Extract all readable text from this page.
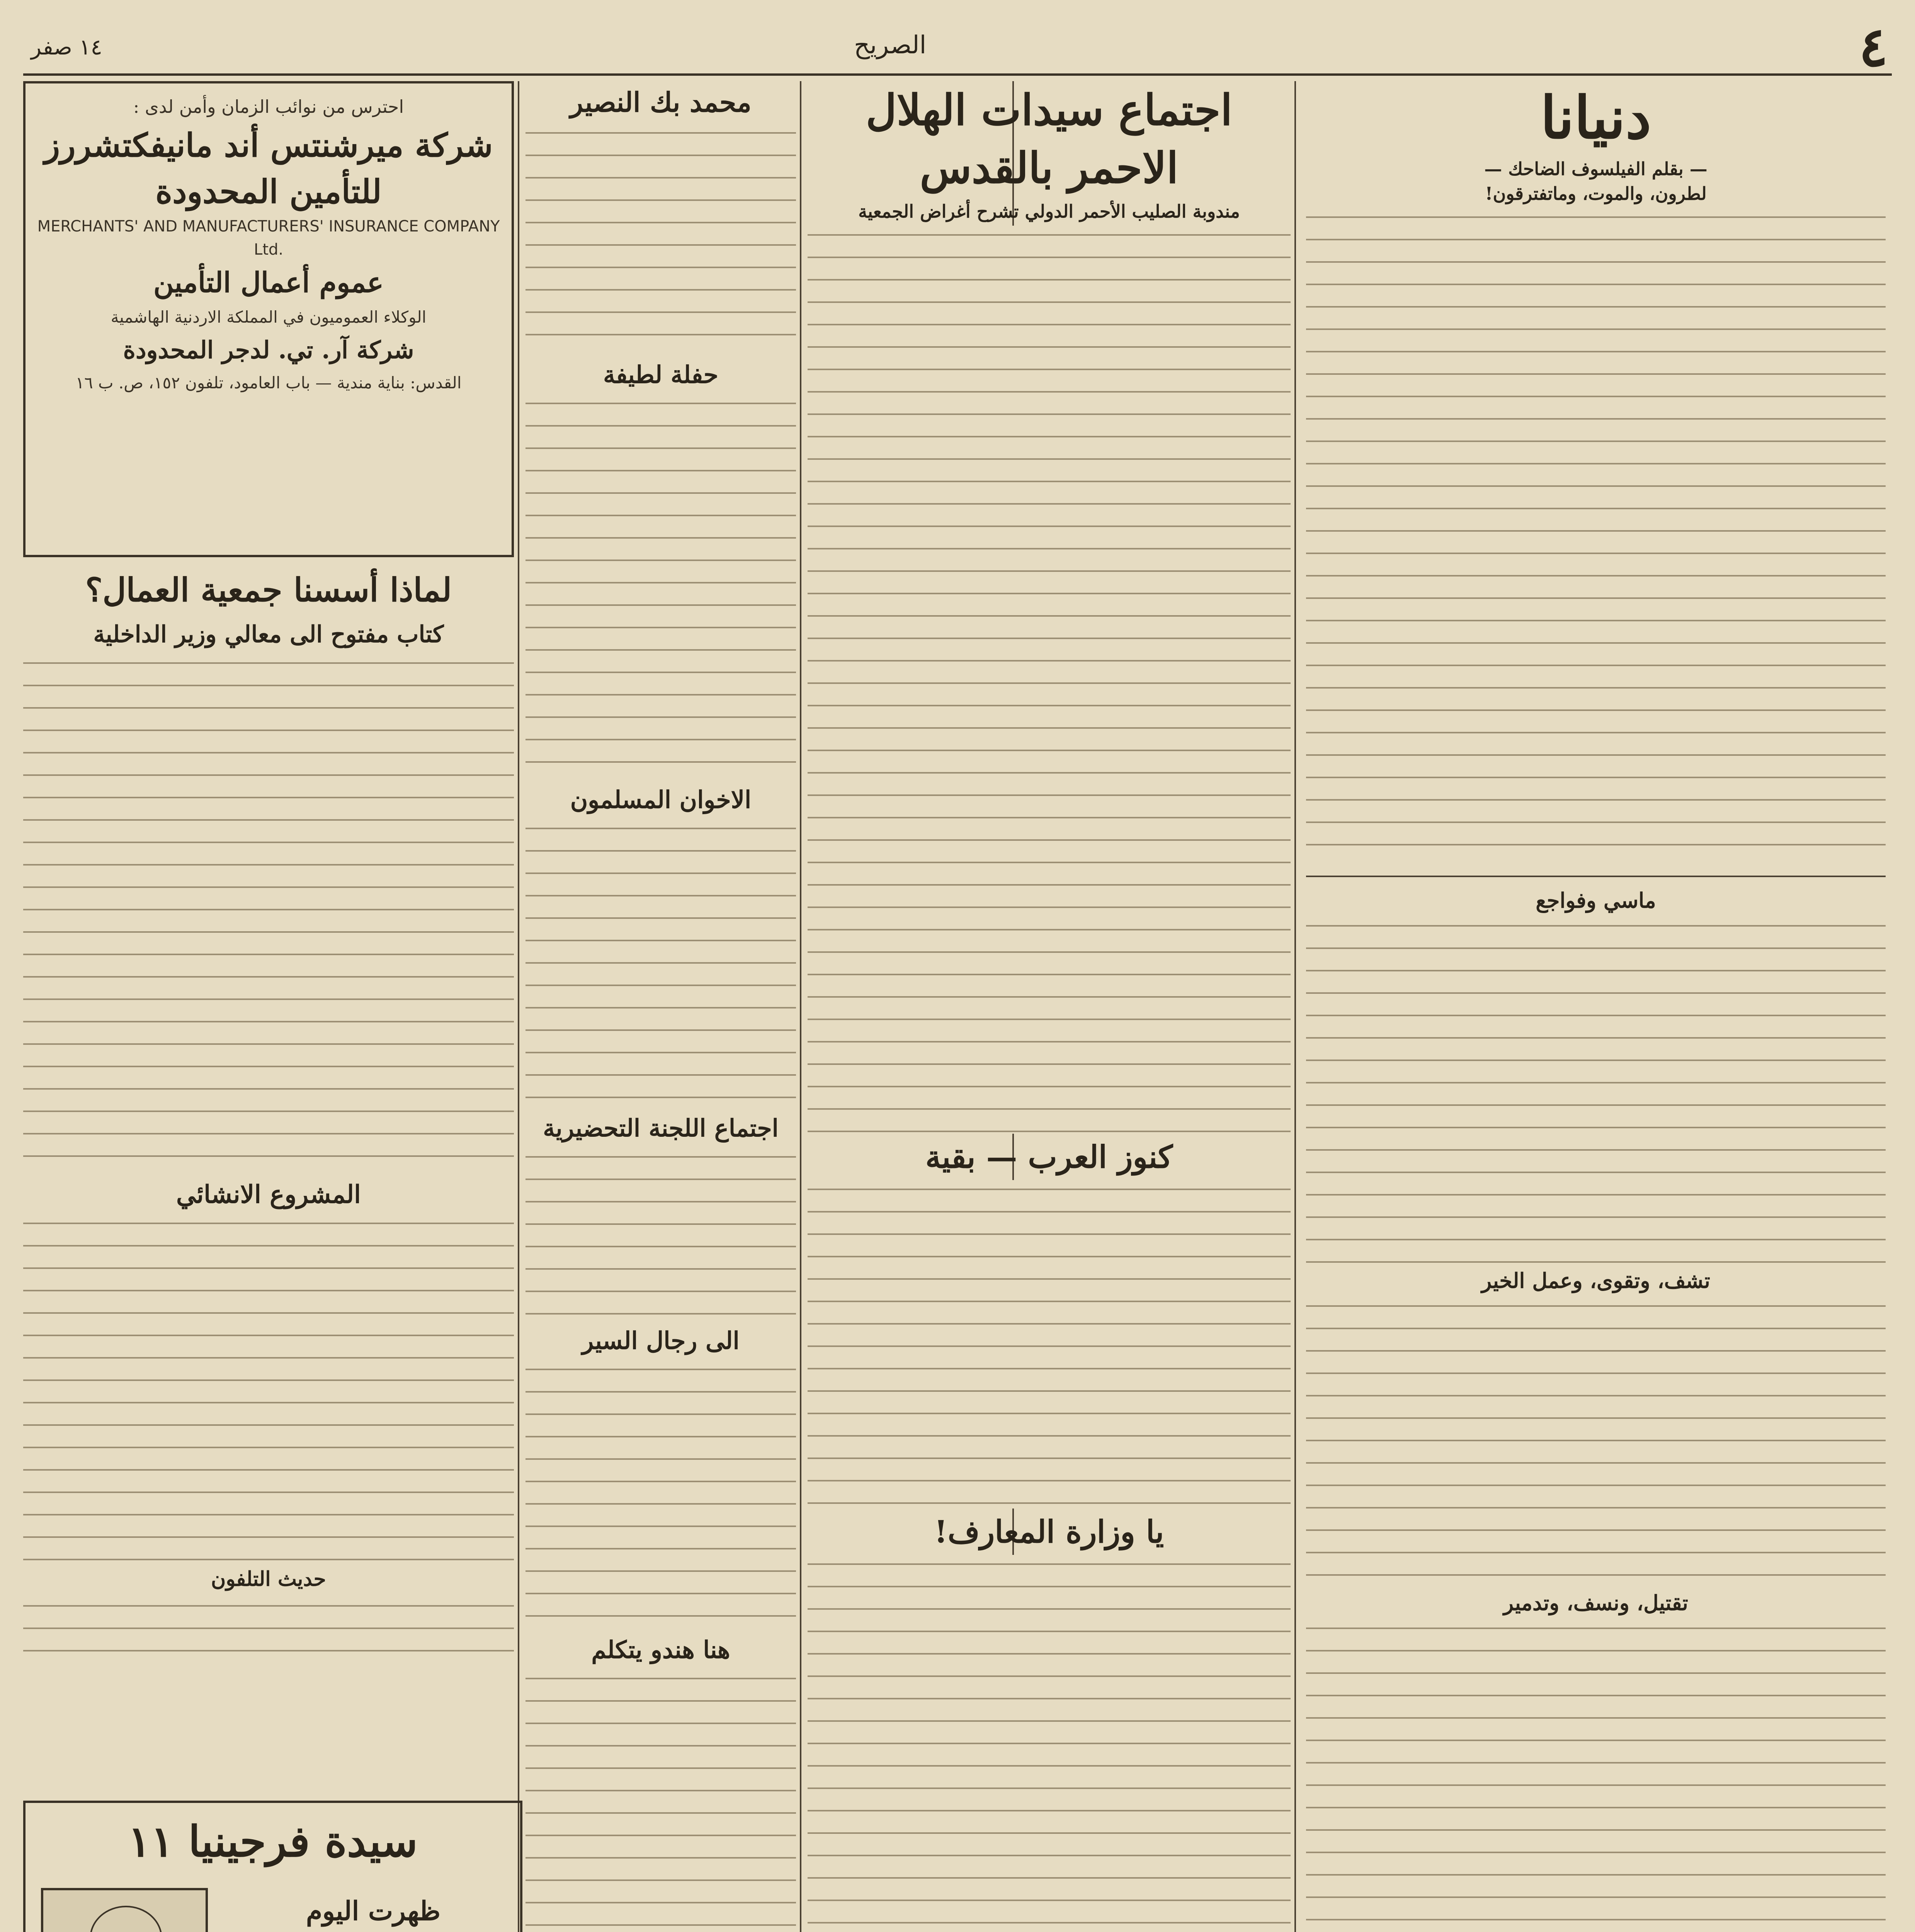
٤
الصريح
١٤ صفر
دنيانا
— بقلم الفيلسوف الضاحك —
لطرون، والموت، وماتفترقون!
ماسي وفواجع
تشف، وتقوى، وعمل الخير
تقتيل، ونسف، وتدمير
اجتماع سيدات الهلال الاحمر بالقدس
مندوبة الصليب الأحمر الدولي تشرح أغراض الجمعية
كنوز العرب — بقية
يا وزارة المعارف!
محمد بك النصير
حفلة لطيفة
الاخوان المسلمون
اجتماع اللجنة التحضيرية
الى رجال السير
هنا هندو يتكلم
احترس من نوائب الزمان وأمن لدى :
شركة ميرشنتس أند مانيفكتشررز للتأمين المحدودة
MERCHANTS' AND MANUFACTURERS' INSURANCE COMPANY Ltd.
عموم أعمال التأمين
الوكلاء العموميون في المملكة الاردنية الهاشمية
شركة آر. تي. لدجر المحدودة
القدس: بناية مندية — باب العامود، تلفون ١٥٢، ص. ب ١٦
لماذا أسسنا جمعية العمال؟
كتاب مفتوح الى معالي وزير الداخلية
المشروع الانشائي
حديث التلفون
سيدة فرجينيا ١١
ظهرت اليوم
